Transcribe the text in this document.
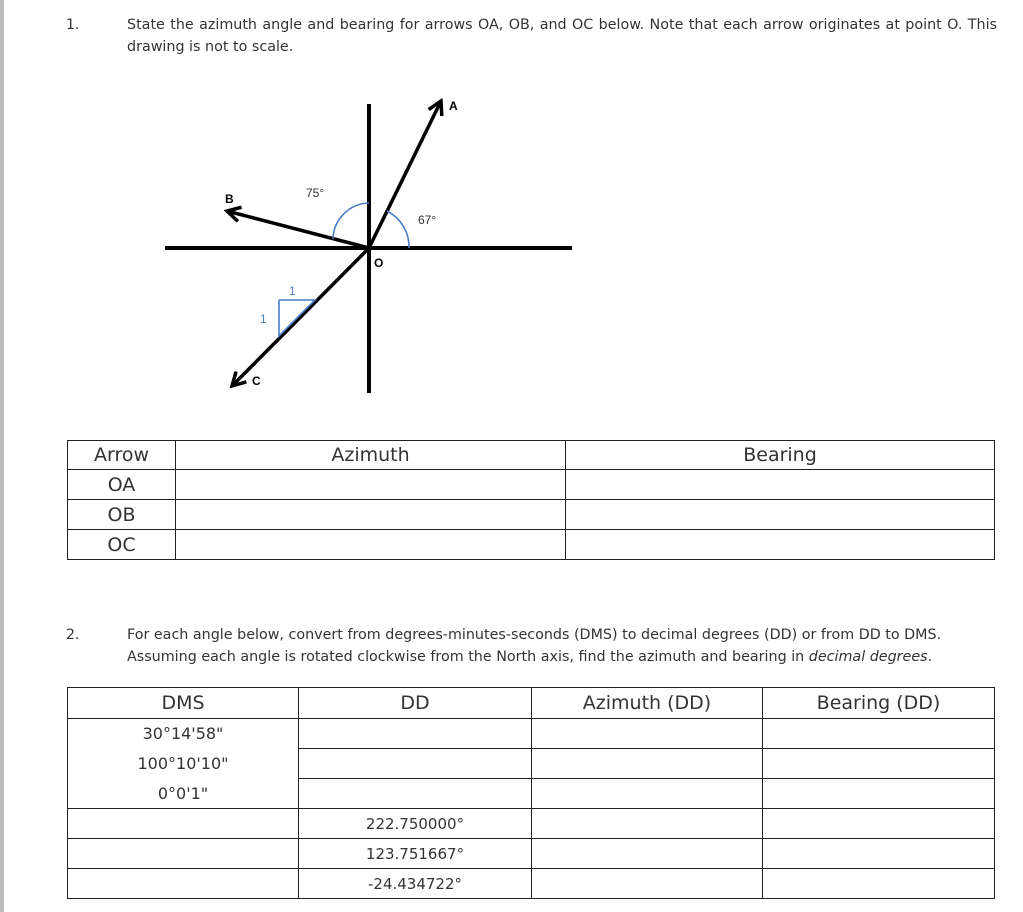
1.	State the azimuth angle and bearing for arrows OA, OB, and OC below. Note that each arrow originates at point O. This drawing is not to scale.
A
B
C
O
75°
67°
1
1
Arrow	Azimuth	Bearing
OA		
OB		
OC		
2.	For each angle below, convert from degrees-minutes-seconds (DMS) to decimal degrees (DD) or from DD to DMS. Assuming each angle is rotated clockwise from the North axis, find the azimuth and bearing in decimal degrees.
DMS	DD	Azimuth (DD)	Bearing (DD)
30°14'58"			
100°10'10"			
0°0'1"			
	222.750000°		
	123.751667°		
	-24.434722°		
